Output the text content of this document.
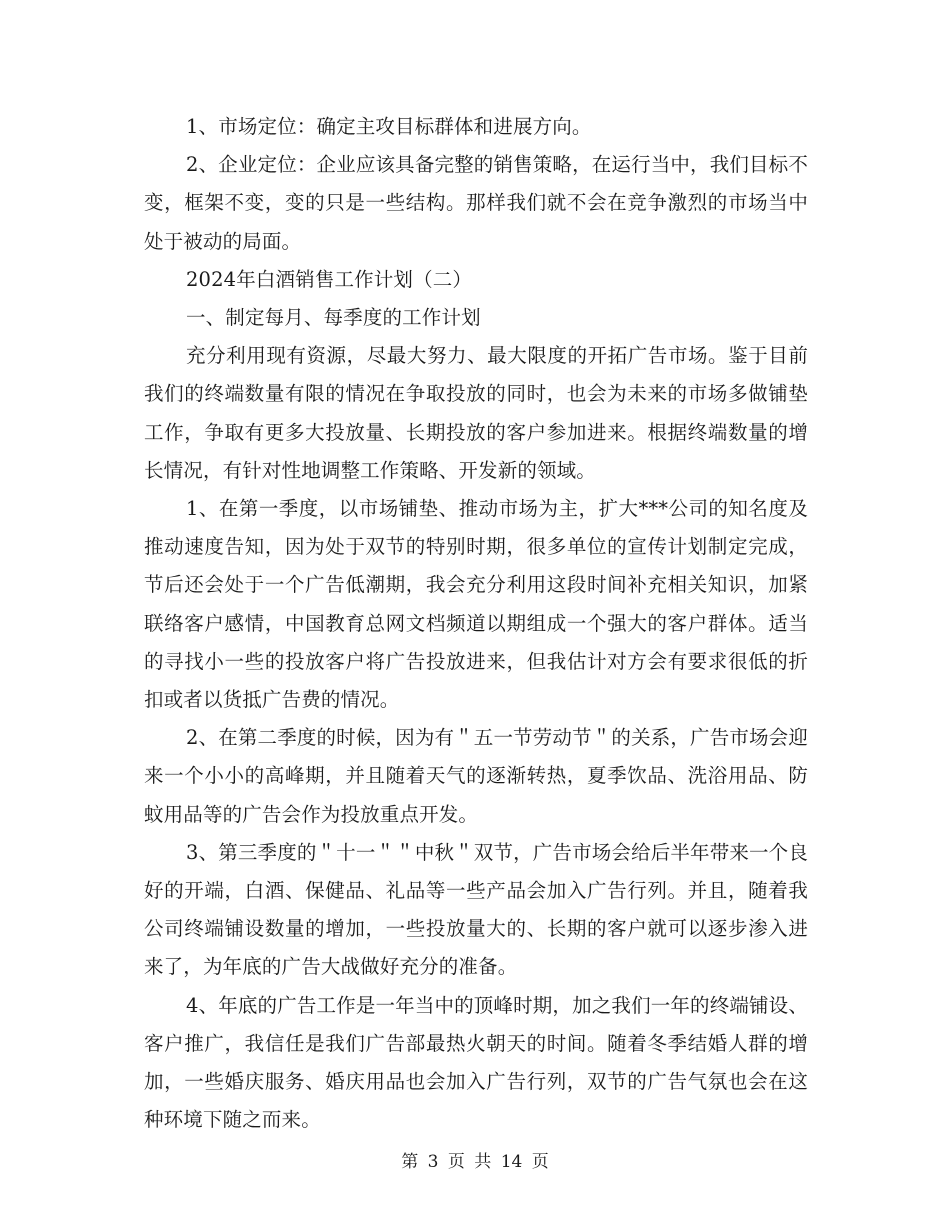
1、市场定位：确定主攻目标群体和进展方向。

2、企业定位：企业应该具备完整的销售策略，在运行当中，我们目标不变，框架不变，变的只是一些结构。那样我们就不会在竞争激烈的市场当中处于被动的局面。

2024年白酒销售工作计划（二）

一、制定每月、每季度的工作计划

充分利用现有资源，尽最大努力、最大限度的开拓广告市场。鉴于目前我们的终端数量有限的情况在争取投放的同时，也会为未来的市场多做铺垫工作，争取有更多大投放量、长期投放的客户参加进来。根据终端数量的增长情况，有针对性地调整工作策略、开发新的领域。

1、在第一季度，以市场铺垫、推动市场为主，扩大***公司的知名度及推动速度告知，因为处于双节的特别时期，很多单位的宣传计划制定完成，节后还会处于一个广告低潮期，我会充分利用这段时间补充相关知识，加紧联络客户感情，中国教育总网文档频道以期组成一个强大的客户群体。适当的寻找小一些的投放客户将广告投放进来，但我估计对方会有要求很低的折扣或者以货抵广告费的情况。

2、在第二季度的时候，因为有＂五一节劳动节＂的关系，广告市场会迎来一个小小的高峰期，并且随着天气的逐渐转热，夏季饮品、洗浴用品、防蚊用品等的广告会作为投放重点开发。

3、第三季度的＂十一＂＂中秋＂双节，广告市场会给后半年带来一个良好的开端，白酒、保健品、礼品等一些产品会加入广告行列。并且，随着我公司终端铺设数量的增加，一些投放量大的、长期的客户就可以逐步渗入进来了，为年底的广告大战做好充分的准备。

4、年底的广告工作是一年当中的顶峰时期，加之我们一年的终端铺设、客户推广，我信任是我们广告部最热火朝天的时间。随着冬季结婚人群的增加，一些婚庆服务、婚庆用品也会加入广告行列，双节的广告气氛也会在这种环境下随之而来。

第 3 页 共 14 页
